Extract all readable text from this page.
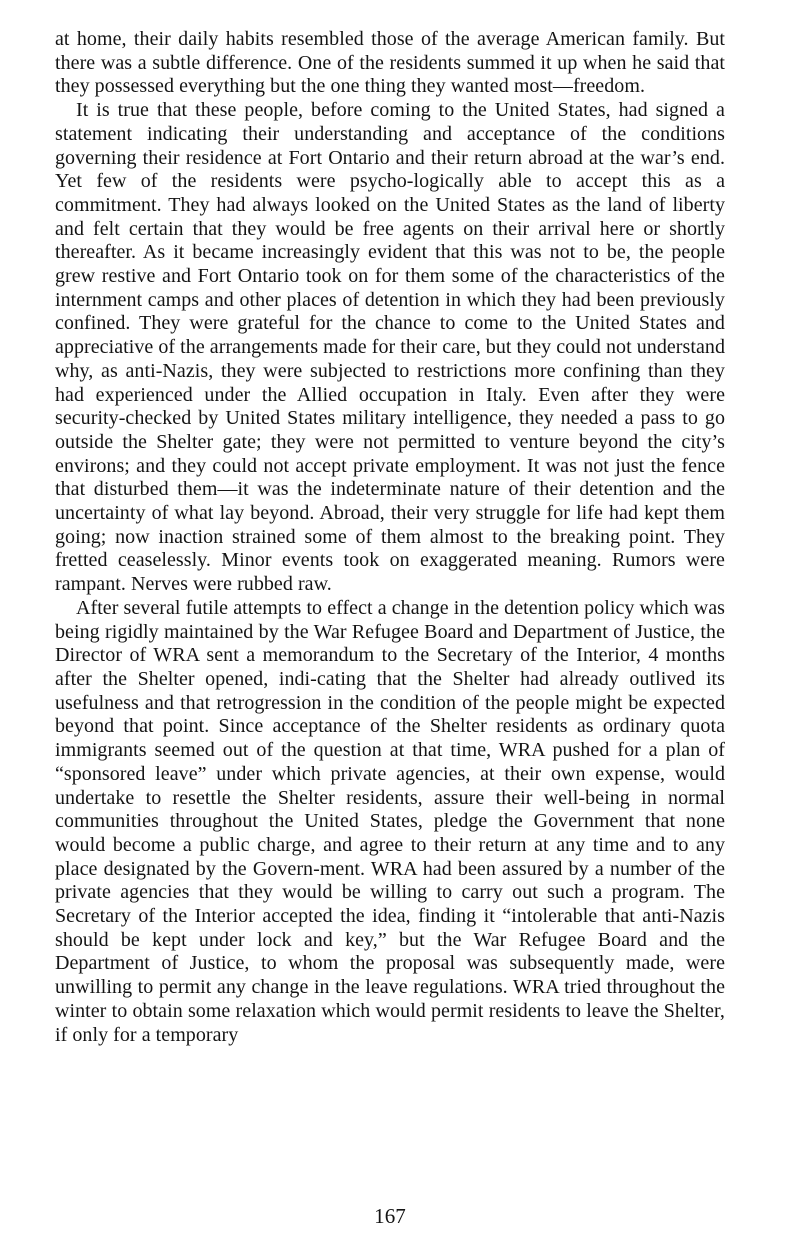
at home, their daily habits resembled those of the average American family. But there was a subtle difference. One of the residents summed it up when he said that they possessed everything but the one thing they wanted most—freedom.

It is true that these people, before coming to the United States, had signed a statement indicating their understanding and acceptance of the conditions governing their residence at Fort Ontario and their return abroad at the war’s end. Yet few of the residents were psycho-logically able to accept this as a commitment. They had always looked on the United States as the land of liberty and felt certain that they would be free agents on their arrival here or shortly thereafter. As it became increasingly evident that this was not to be, the people grew restive and Fort Ontario took on for them some of the characteristics of the internment camps and other places of detention in which they had been previously confined. They were grateful for the chance to come to the United States and appreciative of the arrangements made for their care, but they could not understand why, as anti-Nazis, they were subjected to restrictions more confining than they had experienced under the Allied occupation in Italy. Even after they were security-checked by United States military intelligence, they needed a pass to go outside the Shelter gate; they were not permitted to venture beyond the city’s environs; and they could not accept private employment. It was not just the fence that disturbed them—it was the indeterminate nature of their detention and the uncertainty of what lay beyond. Abroad, their very struggle for life had kept them going; now inaction strained some of them almost to the breaking point. They fretted ceaselessly. Minor events took on exaggerated meaning. Rumors were rampant. Nerves were rubbed raw.

After several futile attempts to effect a change in the detention policy which was being rigidly maintained by the War Refugee Board and Department of Justice, the Director of WRA sent a memorandum to the Secretary of the Interior, 4 months after the Shelter opened, indi-cating that the Shelter had already outlived its usefulness and that retrogression in the condition of the people might be expected beyond that point. Since acceptance of the Shelter residents as ordinary quota immigrants seemed out of the question at that time, WRA pushed for a plan of “sponsored leave” under which private agencies, at their own expense, would undertake to resettle the Shelter residents, assure their well-being in normal communities throughout the United States, pledge the Government that none would become a public charge, and agree to their return at any time and to any place designated by the Govern-ment. WRA had been assured by a number of the private agencies that they would be willing to carry out such a program. The Secretary of the Interior accepted the idea, finding it “intolerable that anti-Nazis should be kept under lock and key,” but the War Refugee Board and the Department of Justice, to whom the proposal was subsequently made, were unwilling to permit any change in the leave regulations. WRA tried throughout the winter to obtain some relaxation which would permit residents to leave the Shelter, if only for a temporary

167
